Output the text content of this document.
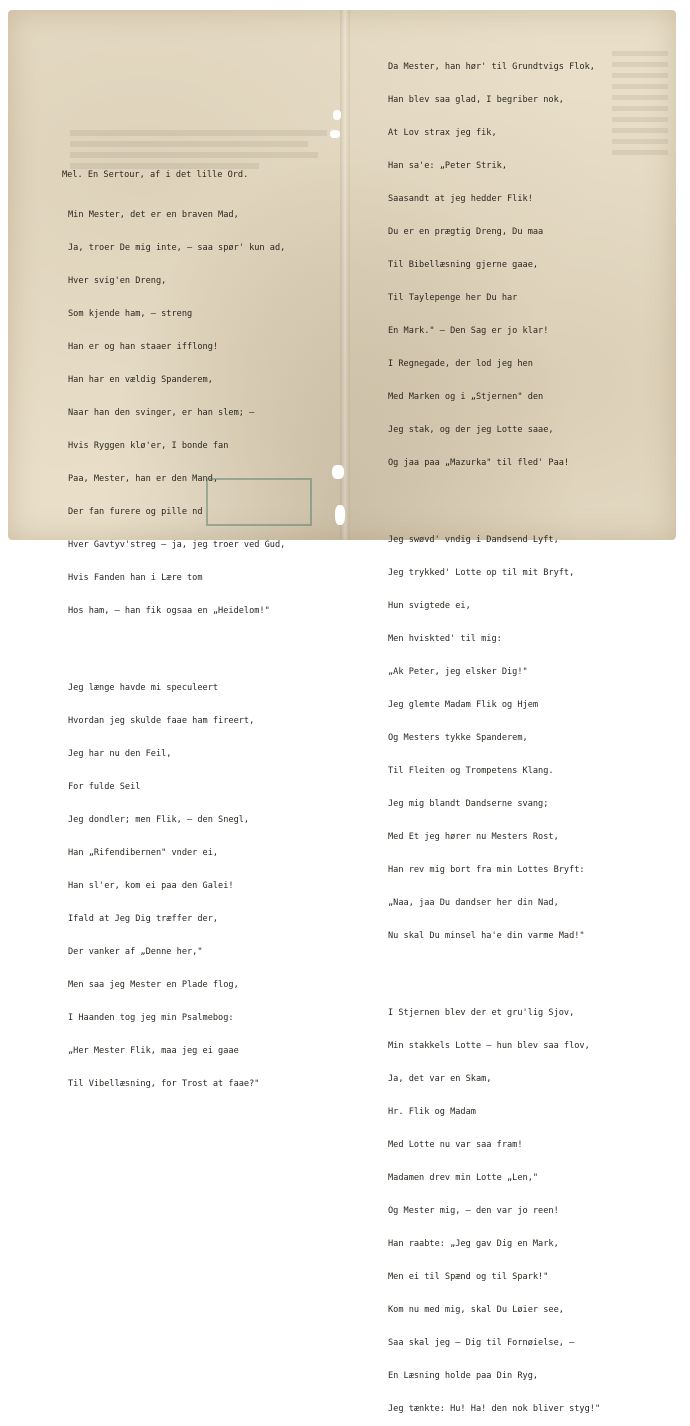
Mel. En Sertour, af i det lille Ord.

Min Mester, det er en braven Mad,

Ja, troer De mig inte, — saa spør' kun ad,

Hver svig'en Dreng,

Som kjende ham, — streng

Han er og han staaer ifflong!

Han har en vældig Spanderem,

Naar han den svinger, er han slem; —

Hvis Ryggen klø'er, I bonde fan

Paa, Mester, han er den Mand,

Der fan furere og pille nd

Hver Gavtyv'streg — ja, jeg troer ved Gud,

Hvis Fanden han i Lære tom

Hos ham, — han fik ogsaa en „Heidelom!"

Jeg længe havde mi speculeert

Hvordan jeg skulde faae ham fireert,

Jeg har nu den Feil,

For fulde Seil

Jeg dondler; men Flik, — den Snegl,

Han „Rifendibernen" vnder ei,

Han sl'er, kom ei paa den Galei!

Ifald at Jeg Dig træffer der,

Der vanker af „Denne her,"

Men saa jeg Mester en Plade flog,

I Haanden tog jeg min Psalmebog:

„Her Mester Flik, maa jeg ei gaae

Til Vibellæsning, for Trost at faae?"

Da Mester, han hør' til Grundtvigs Flok,

Han blev saa glad, I begriber nok,

At Lov strax jeg fik,

Han sa'e: „Peter Strik,

Saasandt at jeg hedder Flik!

Du er en prægtig Dreng, Du maa

Til Bibellæsning gjerne gaae,

Til Taylepenge her Du har

En Mark." — Den Sag er jo klar!

I Regnegade, der lod jeg hen

Med Marken og i „Stjernen" den

Jeg stak, og der jeg Lotte saae,

Og jaa paa „Mazurka" til fled' Paa!

Jeg swøvd' vndig i Dandsend Lyft,

Jeg trykked' Lotte op til mit Bryft,

Hun svigtede ei,

Men hviskted' til mig:

„Ak Peter, jeg elsker Dig!"

Jeg glemte Madam Flik og Hjem

Og Mesters tykke Spanderem,

Til Fleiten og Trompetens Klang.

Jeg mig blandt Dandserne svang;

Med Et jeg hører nu Mesters Rost,

Han rev mig bort fra min Lottes Bryft:

„Naa, jaa Du dandser her din Nad,

Nu skal Du minsel ha'e din varme Mad!"

I Stjernen blev der et gru'lig Sjov,

Min stakkels Lotte — hun blev saa flov,

Ja, det var en Skam,

Hr. Flik og Madam

Med Lotte nu var saa fram!

Madamen drev min Lotte „Len,"

Og Mester mig, — den var jo reen!

Han raabte: „Jeg gav Dig en Mark,

Men ei til Spænd og til Spark!"

Kom nu med mig, skal Du Løier see,

Saa skal jeg — Dig til Fornøielse, —

En Læsning holde paa Din Ryg,

Jeg tænkte: Hu! Ha! den nok bliver styg!"
